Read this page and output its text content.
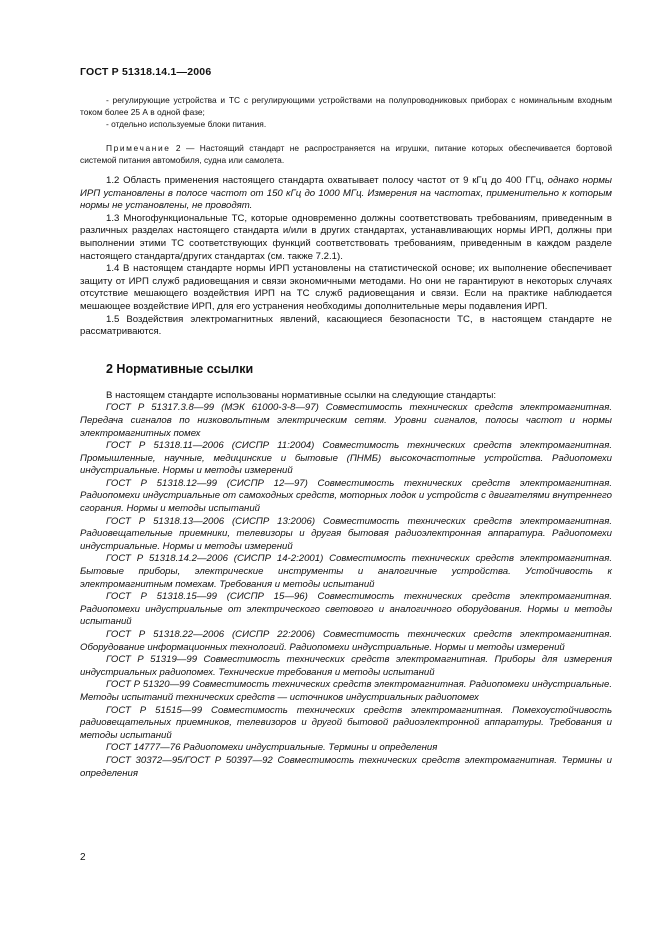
ГОСТ Р 51318.14.1—2006

- регулирующие устройства и ТС с регулирующими устройствами на полупроводниковых приборах с номинальным входным током более 25 А в одной фазе;

- отдельно используемые блоки питания.

Примечание 2 — Настоящий стандарт не распространяется на игрушки, питание которых обеспечивается бортовой системой питания автомобиля, судна или самолета.

1.2 Область применения настоящего стандарта охватывает полосу частот от 9 кГц до 400 ГГц, однако нормы ИРП установлены в полосе частот от 150 кГц до 1000 МГц. Измерения на частотах, применительно к которым нормы не установлены, не проводят.

1.3 Многофункциональные ТС, которые одновременно должны соответствовать требованиям, приведенным в различных разделах настоящего стандарта и/или в других стандартах, устанавливающих нормы ИРП, должны при выполнении этими ТС соответствующих функций соответствовать требованиям, приведенным в каждом разделе настоящего стандарта/других стандартах (см. также 7.2.1).

1.4 В настоящем стандарте нормы ИРП установлены на статистической основе; их выполнение обеспечивает защиту от ИРП служб радиовещания и связи экономичными методами. Но они не гарантируют в некоторых случаях отсутствие мешающего воздействия ИРП на ТС служб радиовещания и связи. Если на практике наблюдается мешающее воздействие ИРП, для его устранения необходимы дополнительные меры подавления ИРП.

1.5 Воздействия электромагнитных явлений, касающиеся безопасности ТС, в настоящем стандарте не рассматриваются.

2 Нормативные ссылки

В настоящем стандарте использованы нормативные ссылки на следующие стандарты:

ГОСТ Р 51317.3.8—99 (МЭК 61000-3-8—97) Совместимость технических средств электромагнитная. Передача сигналов по низковольтным электрическим сетям. Уровни сигналов, полосы частот и нормы электромагнитных помех

ГОСТ Р 51318.11—2006 (СИСПР 11:2004) Совместимость технических средств электромагнитная. Промышленные, научные, медицинские и бытовые (ПНМБ) высокочастотные устройства. Радиопомехи индустриальные. Нормы и методы измерений

ГОСТ Р 51318.12—99 (СИСПР 12—97) Совместимость технических средств электромагнитная. Радиопомехи индустриальные от самоходных средств, моторных лодок и устройств с двигателями внутреннего сгорания. Нормы и методы испытаний

ГОСТ Р 51318.13—2006 (СИСПР 13:2006) Совместимость технических средств электромагнитная. Радиовещательные приемники, телевизоры и другая бытовая радиоэлектронная аппаратура. Радиопомехи индустриальные. Нормы и методы измерений

ГОСТ Р 51318.14.2—2006 (СИСПР 14-2:2001) Совместимость технических средств электромагнитная. Бытовые приборы, электрические инструменты и аналогичные устройства. Устойчивость к электромагнитным помехам. Требования и методы испытаний

ГОСТ Р 51318.15—99 (СИСПР 15—96) Совместимость технических средств электромагнитная. Радиопомехи индустриальные от электрического светового и аналогичного оборудования. Нормы и методы испытаний

ГОСТ Р 51318.22—2006 (СИСПР 22:2006) Совместимость технических средств электромагнитная. Оборудование информационных технологий. Радиопомехи индустриальные. Нормы и методы измерений

ГОСТ Р 51319—99 Совместимость технических средств электромагнитная. Приборы для измерения индустриальных радиопомех. Технические требования и методы испытаний

ГОСТ Р 51320—99 Совместимость технических средств электромагнитная. Радиопомехи индустриальные. Методы испытаний технических средств — источников индустриальных радиопомех

ГОСТ Р 51515—99 Совместимость технических средств электромагнитная. Помехоустойчивость радиовещательных приемников, телевизоров и другой бытовой радиоэлектронной аппаратуры. Требования и методы испытаний

ГОСТ 14777—76 Радиопомехи индустриальные. Термины и определения

ГОСТ 30372—95/ГОСТ Р 50397—92 Совместимость технических средств электромагнитная. Термины и определения

2
